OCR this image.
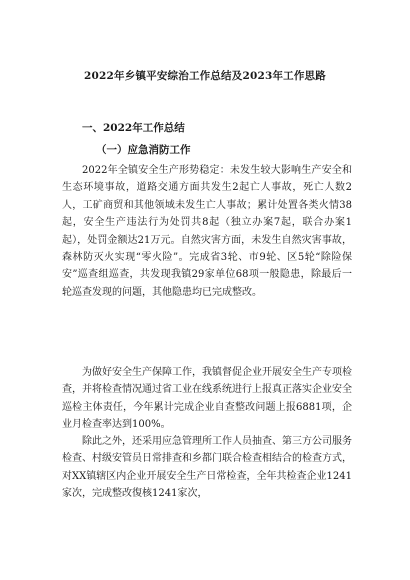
2022年乡镇平安综治工作总结及2023年工作思路
一、2022年工作总结
（一）应急消防工作

2022年全镇安全生产形势稳定：未发生较大影响生产安全和生态环境事故，道路交通方面共发生2起亡人事故，死亡人数2人，工矿商贸和其他领域未发生亡人事故；累计处置各类火情38起，安全生产违法行为处罚共8起（独立办案7起，联合办案1起），处罚金额达21万元。自然灾害方面，未发生自然灾害事故，森林防灭火实现“零火险”。完成省3轮、市9轮、区5轮“除险保安”巡查组巡查，共发现我镇29家单位68项一般隐患，除最后一轮巡查发现的问题，其他隐患均已完成整改。

为做好安全生产保障工作，我镇督促企业开展安全生产专项检查，并将检查情况通过省工业在线系统进行上报真正落实企业安全巡检主体责任，今年累计完成企业自查整改问题上报6881项，企业月检查率达到100%。

除此之外，还采用应急管理所工作人员抽查、第三方公司服务检查、村级安管员日常排查和乡都门联合检查相结合的检查方式，对XX镇辖区内企业开展安全生产日常检查，全年共检查企业1241家次，完成整改復核1241家次，
